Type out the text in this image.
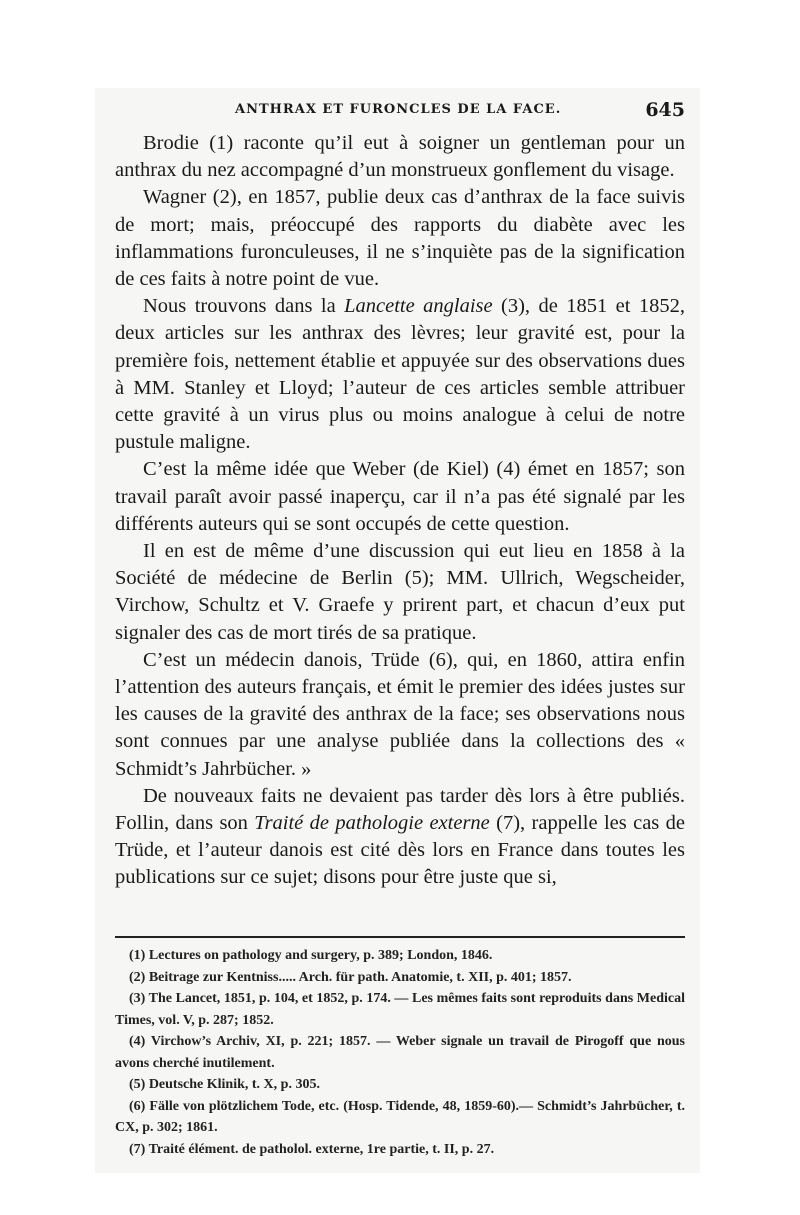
ANTHRAX ET FURONCLES DE LA FACE.	645

Brodie (1) raconte qu’il eut à soigner un gentleman pour un anthrax du nez accompagné d’un monstrueux gonflement du visage.

Wagner (2), en 1857, publie deux cas d’anthrax de la face suivis de mort; mais, préoccupé des rapports du diabète avec les inflammations furonculeuses, il ne s’inquiète pas de la signification de ces faits à notre point de vue.

Nous trouvons dans la Lancette anglaise (3), de 1851 et 1852, deux articles sur les anthrax des lèvres; leur gravité est, pour la première fois, nettement établie et appuyée sur des observations dues à MM. Stanley et Lloyd; l’auteur de ces articles semble attribuer cette gravité à un virus plus ou moins analogue à celui de notre pustule maligne.

C’est la même idée que Weber (de Kiel) (4) émet en 1857; son travail paraît avoir passé inaperçu, car il n’a pas été signalé par les différents auteurs qui se sont occupés de cette question.

Il en est de même d’une discussion qui eut lieu en 1858 à la Société de médecine de Berlin (5); MM. Ullrich, Wegscheider, Virchow, Schultz et V. Graefe y prirent part, et chacun d’eux put signaler des cas de mort tirés de sa pratique.

C’est un médecin danois, Trüde (6), qui, en 1860, attira enfin l’attention des auteurs français, et émit le premier des idées justes sur les causes de la gravité des anthrax de la face; ses observations nous sont connues par une analyse publiée dans la collections des « Schmidt’s Jahrbücher. »

De nouveaux faits ne devaient pas tarder dès lors à être publiés. Follin, dans son Traité de pathologie externe (7), rappelle les cas de Trüde, et l’auteur danois est cité dès lors en France dans toutes les publications sur ce sujet; disons pour être juste que si,

(1) Lectures on pathology and surgery, p. 389; London, 1846.

(2) Beitrage zur Kentniss..... Arch. für path. Anatomie, t. XII, p. 401; 1857.

(3) The Lancet, 1851, p. 104, et 1852, p. 174. — Les mêmes faits sont reproduits dans Medical Times, vol. V, p. 287; 1852.

(4) Virchow’s Archiv, XI, p. 221; 1857. — Weber signale un travail de Pirogoff que nous avons cherché inutilement.

(5) Deutsche Klinik, t. X, p. 305.

(6) Fälle von plötzlichem Tode, etc. (Hosp. Tidende, 48, 1859-60).— Schmidt’s Jahrbücher, t. CX, p. 302; 1861.

(7) Traité élément. de patholol. externe, 1re partie, t. II, p. 27.
